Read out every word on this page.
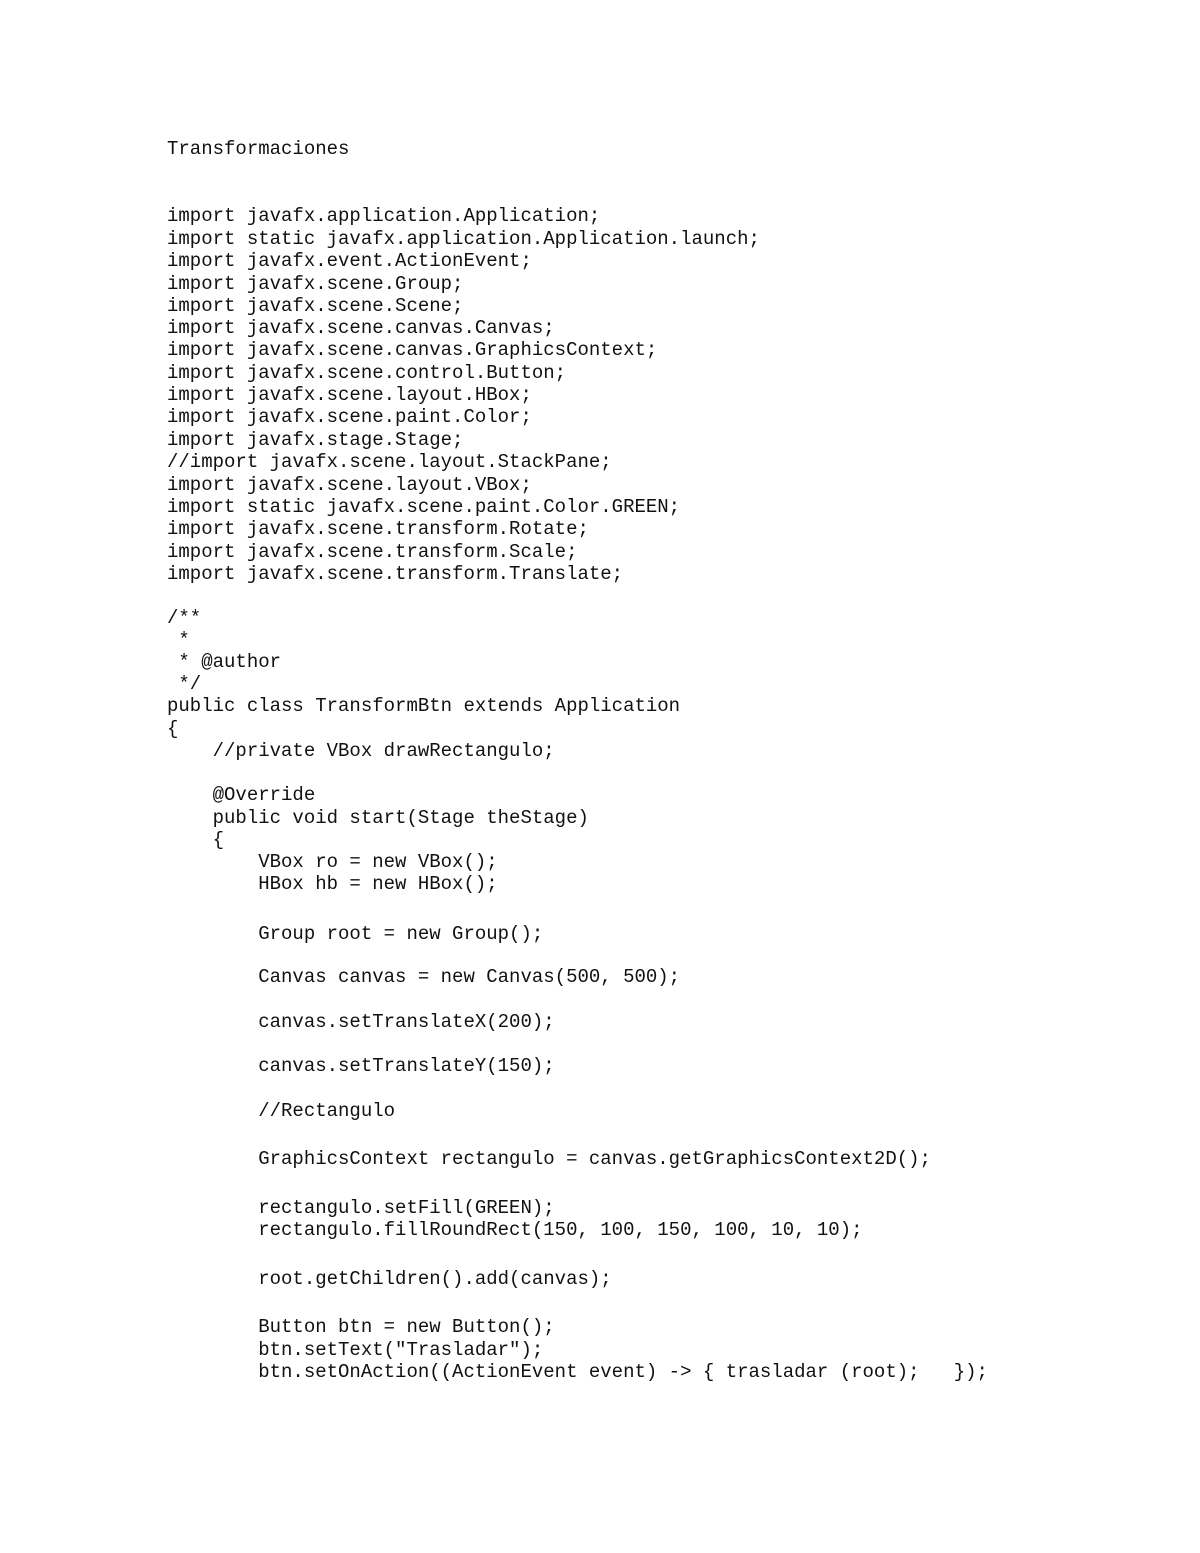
Transformaciones

import javafx.application.Application;
import static javafx.application.Application.launch;
import javafx.event.ActionEvent;
import javafx.scene.Group;
import javafx.scene.Scene;
import javafx.scene.canvas.Canvas;
import javafx.scene.canvas.GraphicsContext;
import javafx.scene.control.Button;
import javafx.scene.layout.HBox;
import javafx.scene.paint.Color;
import javafx.stage.Stage;
//import javafx.scene.layout.StackPane;
import javafx.scene.layout.VBox;
import static javafx.scene.paint.Color.GREEN;
import javafx.scene.transform.Rotate;
import javafx.scene.transform.Scale;
import javafx.scene.transform.Translate;
/**
*
* @author
*/
public class TransformBtn extends Application
{
//private VBox drawRectangulo;
@Override
public void start(Stage theStage)
{
VBox ro = new VBox();
HBox hb = new HBox();
Group root = new Group();
Canvas canvas = new Canvas(500, 500);
canvas.setTranslateX(200);
canvas.setTranslateY(150);
//Rectangulo
GraphicsContext rectangulo = canvas.getGraphicsContext2D();
rectangulo.setFill(GREEN);
rectangulo.fillRoundRect(150, 100, 150, 100, 10, 10);
root.getChildren().add(canvas);
Button btn = new Button();
btn.setText("Trasladar");
btn.setOnAction((ActionEvent event) -> { trasladar (root);   });
